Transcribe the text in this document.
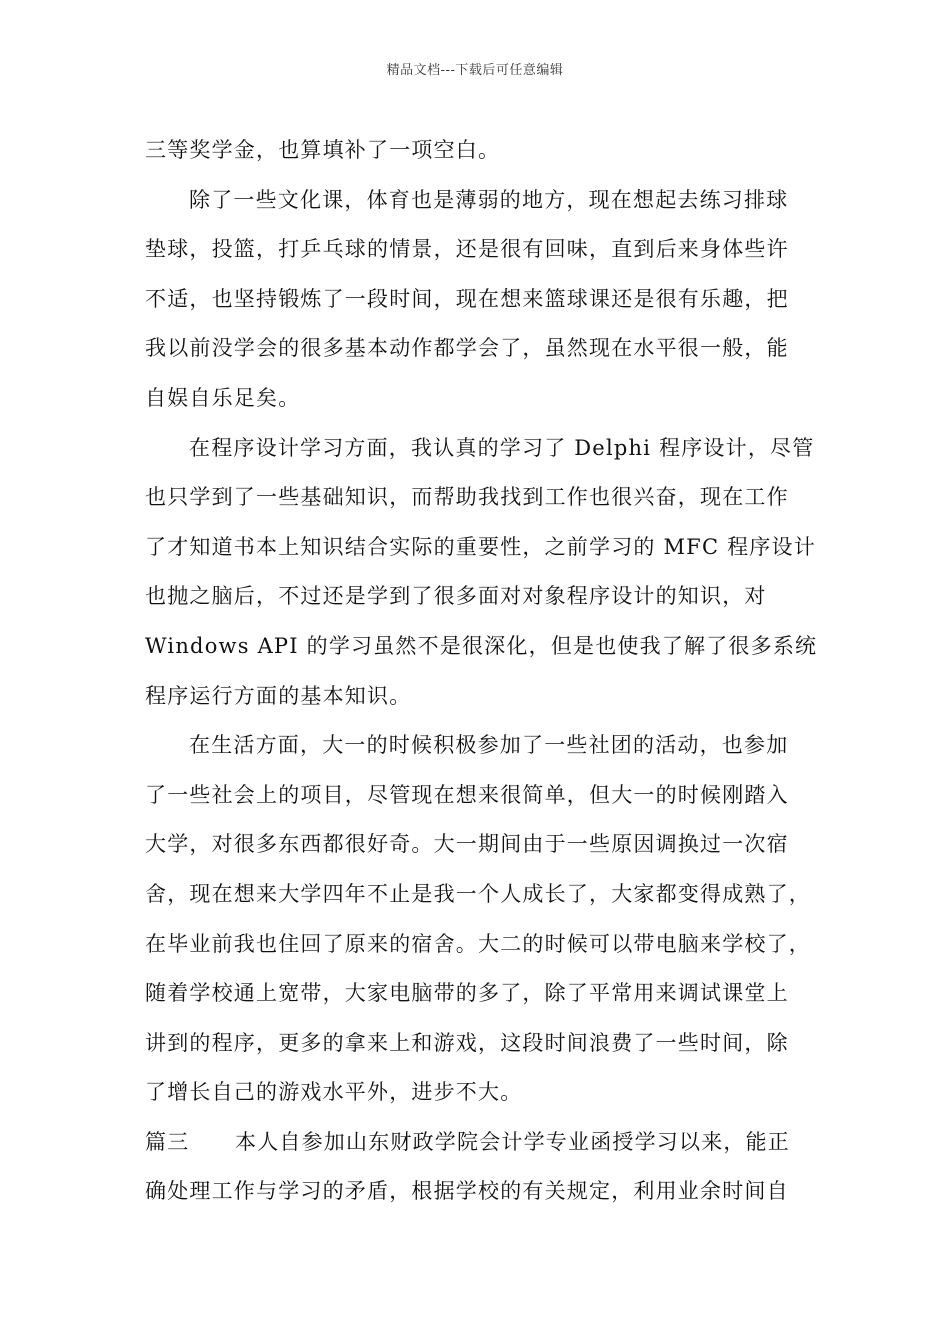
精品文档---下载后可任意编辑
三等奖学金，也算填补了一项空白。
除了一些文化课，体育也是薄弱的地方，现在想起去练习排球
垫球，投篮，打乒乓球的情景，还是很有回味，直到后来身体些许
不适，也坚持锻炼了一段时间，现在想来篮球课还是很有乐趣，把
我以前没学会的很多基本动作都学会了，虽然现在水平很一般，能
自娱自乐足矣。
在程序设计学习方面，我认真的学习了 Delphi 程序设计，尽管
也只学到了一些基础知识，而帮助我找到工作也很兴奋，现在工作
了才知道书本上知识结合实际的重要性，之前学习的 MFC 程序设计
也抛之脑后，不过还是学到了很多面对对象程序设计的知识，对
Windows API 的学习虽然不是很深化，但是也使我了解了很多系统
程序运行方面的基本知识。
在生活方面，大一的时候积极参加了一些社团的活动，也参加
了一些社会上的项目，尽管现在想来很简单，但大一的时候刚踏入
大学，对很多东西都很好奇。大一期间由于一些原因调换过一次宿
舍，现在想来大学四年不止是我一个人成长了，大家都变得成熟了，
在毕业前我也住回了原来的宿舍。大二的时候可以带电脑来学校了，
随着学校通上宽带，大家电脑带的多了，除了平常用来调试课堂上
讲到的程序，更多的拿来上和游戏，这段时间浪费了一些时间，除
了增长自己的游戏水平外，进步不大。
篇三 本人自参加山东财政学院会计学专业函授学习以来，能正
确处理工作与学习的矛盾，根据学校的有关规定，利用业余时间自
